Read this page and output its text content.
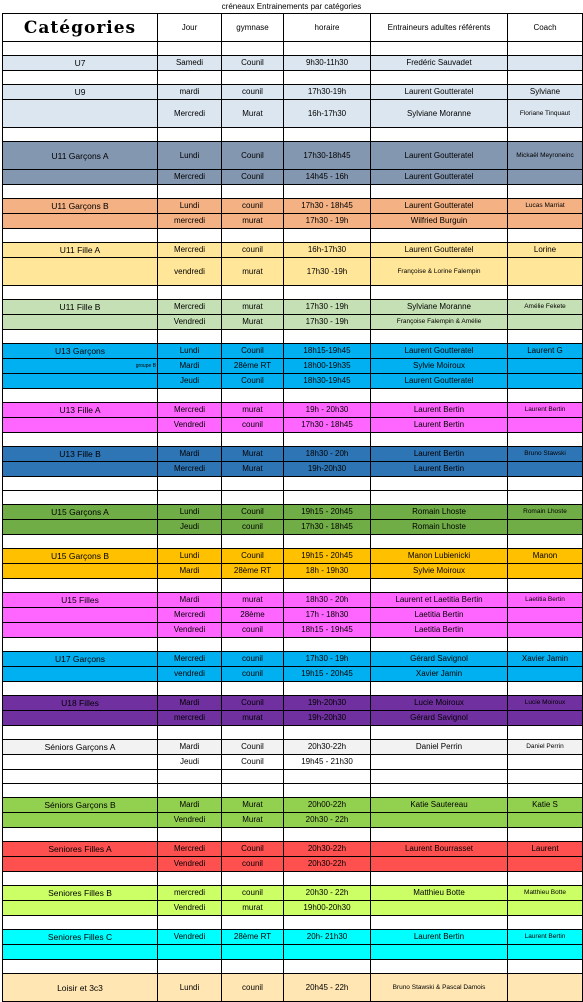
créneaux Entrainements par catégories
Catégories	Jour	gymnase	horaire	Entraineurs adultes référents	Coach

U7	Samedi	Counil	9h30-11h30	Fredéric Sauvadet	

U9	mardi	counil	17h30-19h	Laurent Goutteratel	Sylviane
	Mercredi	Murat	16h-17h30	Sylviane Moranne	Floriane Tinquaut

U11 Garçons A	Lundi	Counil	17h30-18h45	Laurent Goutteratel	Mickaël Meyroneinc
	Mercredi	Counil	14h45 - 16h	Laurent Goutteratel	

U11 Garçons B	Lundi	counil	17h30 - 18h45	Laurent Goutteratel	Lucas Marriat
	mercredi	murat	17h30 - 19h	Wilfried Burguin	

U11 Fille A	Mercredi	counil	16h-17h30	Laurent Goutteratel	Lorine
	vendredi	murat	17h30 -19h	Françoise & Lorine Falempin	

U11 Fille B	Mercredi	murat	17h30 - 19h	Sylviane Moranne	Amélie Fekete
	Vendredi	Murat	17h30 - 19h	Françoise Falempin & Amélie	

U13 Garçons	Lundi	Counil	18h15-19h45	Laurent Goutteratel	Laurent G
groupe B	Mardi	28ème RT	18h00-19h35	Sylvie Moiroux	
	Jeudi	Counil	18h30-19h45	Laurent Goutteratel	

U13 Fille A	Mercredi	murat	19h - 20h30	Laurent Bertin	Laurent Bertin
	Vendredi	counil	17h30 - 18h45	Laurent Bertin	

U13 Fille B	Mardi	Murat	18h30 - 20h	Laurent Bertin	Bruno Stawski
	Mercredi	Murat	19h-20h30	Laurent Bertin	

U15 Garçons A	Lundi	Counil	19h15 - 20h45	Romain Lhoste	Romain Lhoste
	Jeudi	counil	17h30 - 18h45	Romain Lhoste	

U15 Garçons B	Lundi	Counil	19h15 - 20h45	Manon Lubienicki	Manon
	Mardi	28ème RT	18h - 19h30	Sylvie Moiroux	

U15 Filles	Mardi	murat	18h30 - 20h	Laurent et Laetitia Bertin	Laetitia Bertin
	Mercredi	28ème	17h - 18h30	Laetitia Bertin	
	Vendredi	counil	18h15 - 19h45	Laetitia Bertin	

U17 Garçons	Mercredi	counil	17h30 - 19h	Gérard Savignol	Xavier Jamin
	vendredi	counil	19h15 - 20h45	Xavier Jamin	

U18 Filles	Mardi	Counil	19h-20h30	Lucie Moiroux	Lucie Moiroux
	mercredi	murat	19h-20h30	Gérard Savignol	

Séniors Garçons A	Mardi	Counil	20h30-22h	Daniel Perrin	Daniel Perrin
	Jeudi	Counil	19h45 - 21h30		

Séniors Garçons B	Mardi	Murat	20h00-22h	Katie Sautereau	Katie S
	Vendredi	Murat	20h30 - 22h		

Seniores Filles A	Mercredi	Counil	20h30-22h	Laurent Bourrasset	Laurent
	Vendredi	counil	20h30-22h		

Seniores Filles B	mercredi	counil	20h30 - 22h	Matthieu Botte	Matthieu Botte
	Vendredi	murat	19h00-20h30		

Seniores Filles C	Vendredi	28ème RT	20h- 21h30	Laurent Bertin	Laurent Bertin

Loisir et 3c3	Lundi	counil	20h45 - 22h	Bruno Stawski & Pascal Damois	
